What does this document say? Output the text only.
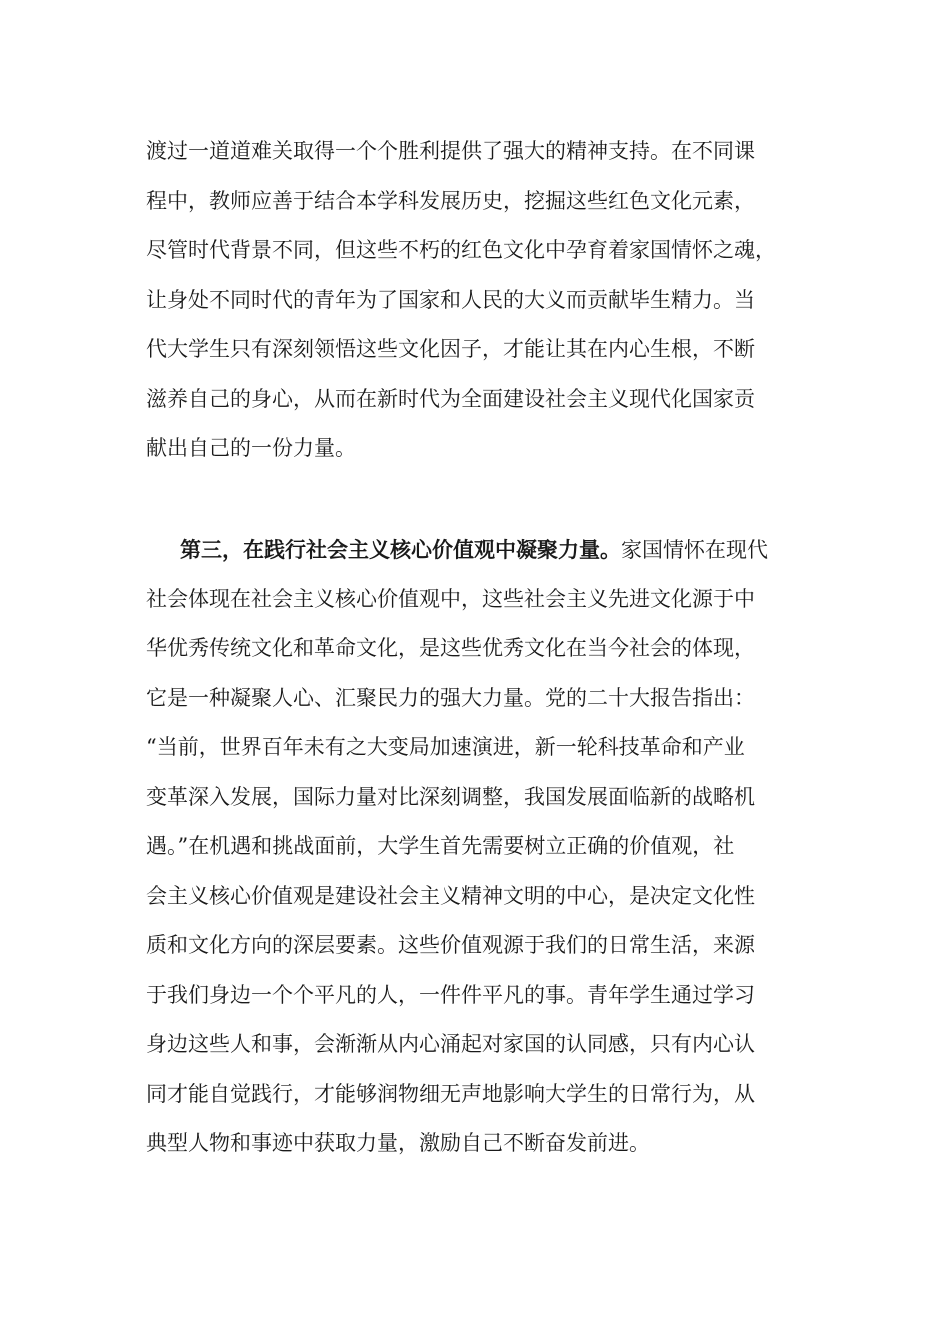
渡过一道道难关取得一个个胜利提供了强大的精神支持。在不同课
程中，教师应善于结合本学科发展历史，挖掘这些红色文化元素，
尽管时代背景不同，但这些不朽的红色文化中孕育着家国情怀之魂，
让身处不同时代的青年为了国家和人民的大义而贡献毕生精力。当
代大学生只有深刻领悟这些文化因子，才能让其在内心生根，不断
滋养自己的身心，从而在新时代为全面建设社会主义现代化国家贡
献出自己的一份力量。
第三，在践行社会主义核心价值观中凝聚力量。家国情怀在现代
社会体现在社会主义核心价值观中，这些社会主义先进文化源于中
华优秀传统文化和革命文化，是这些优秀文化在当今社会的体现，
它是一种凝聚人心、汇聚民力的强大力量。党的二十大报告指出：
“当前，世界百年未有之大变局加速演进，新一轮科技革命和产业
变革深入发展，国际力量对比深刻调整，我国发展面临新的战略机
遇。”在机遇和挑战面前，大学生首先需要树立正确的价值观，社
会主义核心价值观是建设社会主义精神文明的中心，是决定文化性
质和文化方向的深层要素。这些价值观源于我们的日常生活，来源
于我们身边一个个平凡的人，一件件平凡的事。青年学生通过学习
身边这些人和事，会渐渐从内心涌起对家国的认同感，只有内心认
同才能自觉践行，才能够润物细无声地影响大学生的日常行为，从
典型人物和事迹中获取力量，激励自己不断奋发前进。
